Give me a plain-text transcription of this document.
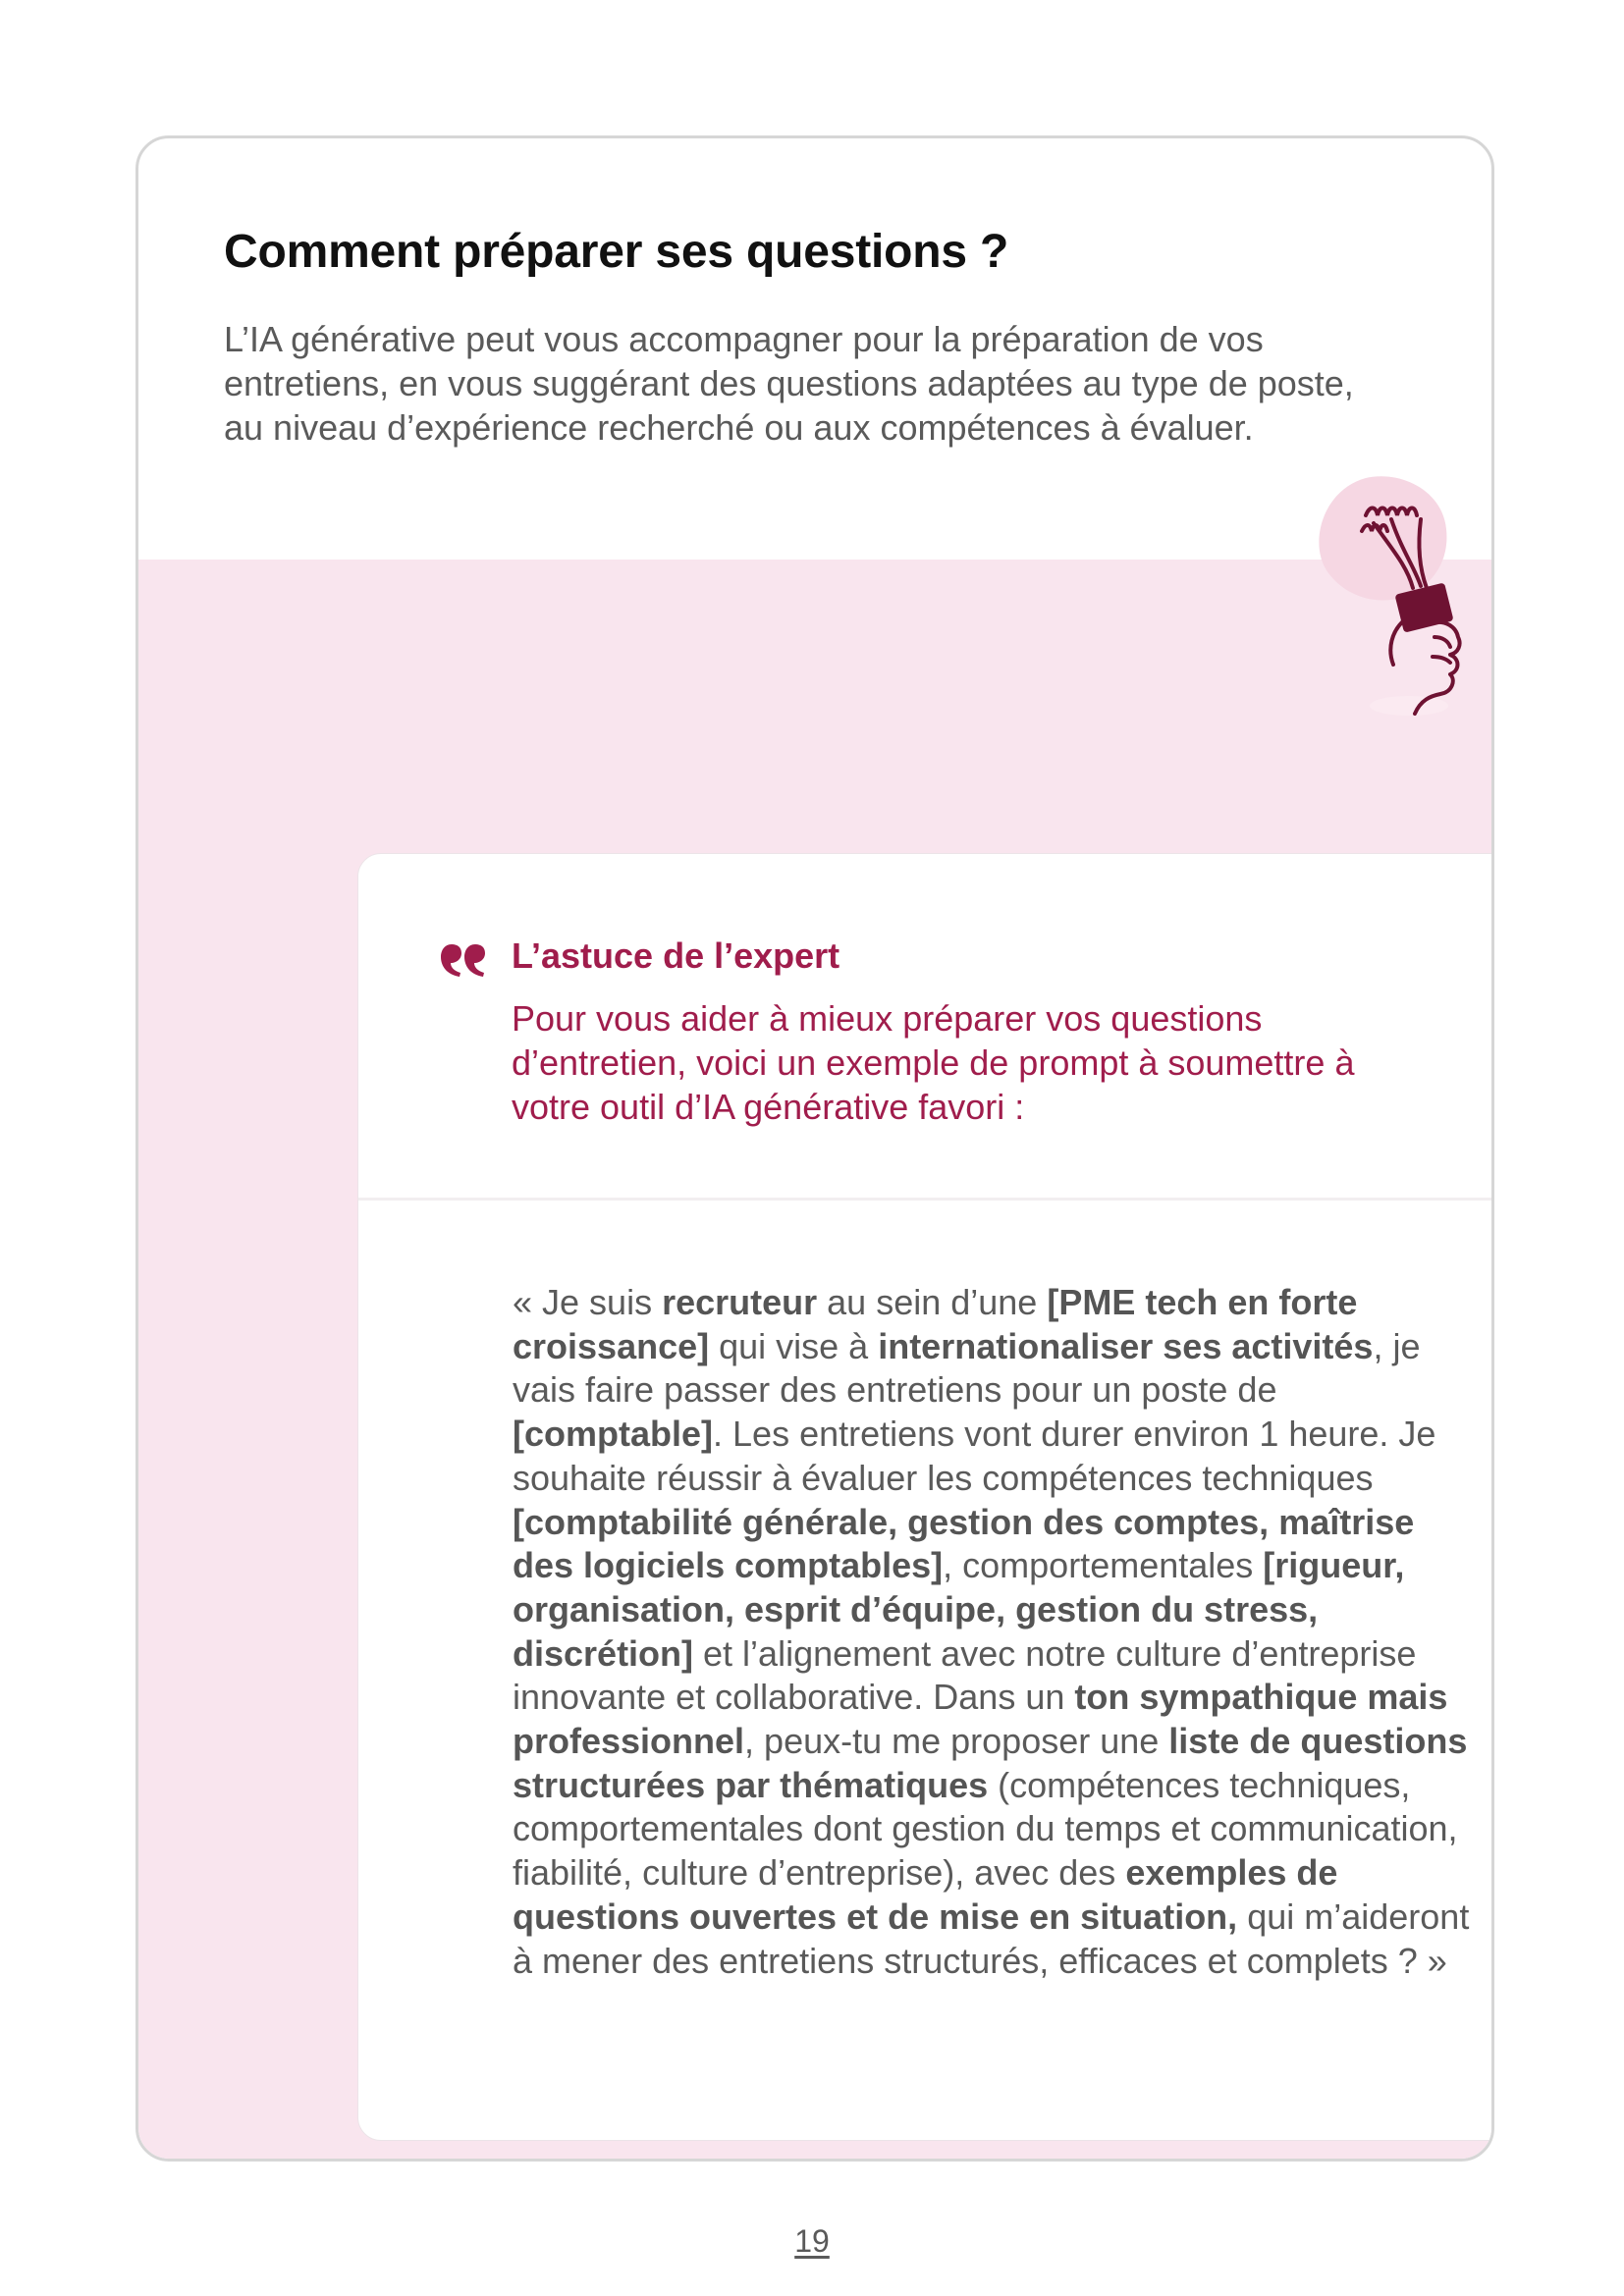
Comment préparer ses questions ?

L’IA générative peut vous accompagner pour la préparation de vos entretiens, en vous suggérant des questions adaptées au type de poste, au niveau d’expérience recherché ou aux compétences à évaluer.

L’astuce de l’expert

Pour vous aider à mieux préparer vos questions d’entretien, voici un exemple de prompt à soumettre à votre outil d’IA générative favori :

« Je suis recruteur au sein d’une [PME tech en forte croissance] qui vise à internationaliser ses activités, je vais faire passer des entretiens pour un poste de [comptable]. Les entretiens vont durer environ 1 heure. Je souhaite réussir à évaluer les compétences techniques [comptabilité générale, gestion des comptes, maîtrise des logiciels comptables], comportementales [rigueur, organisation, esprit d’équipe, gestion du stress, discrétion] et l’alignement avec notre culture d’entreprise innovante et collaborative. Dans un ton sympathique mais professionnel, peux-tu me proposer une liste de questions structurées par thématiques (compétences techniques, comportementales dont gestion du temps et communication, fiabilité, culture d’entreprise), avec des exemples de questions ouvertes et de mise en situation, qui m’aideront à mener des entretiens structurés, efficaces et complets ? »

19
